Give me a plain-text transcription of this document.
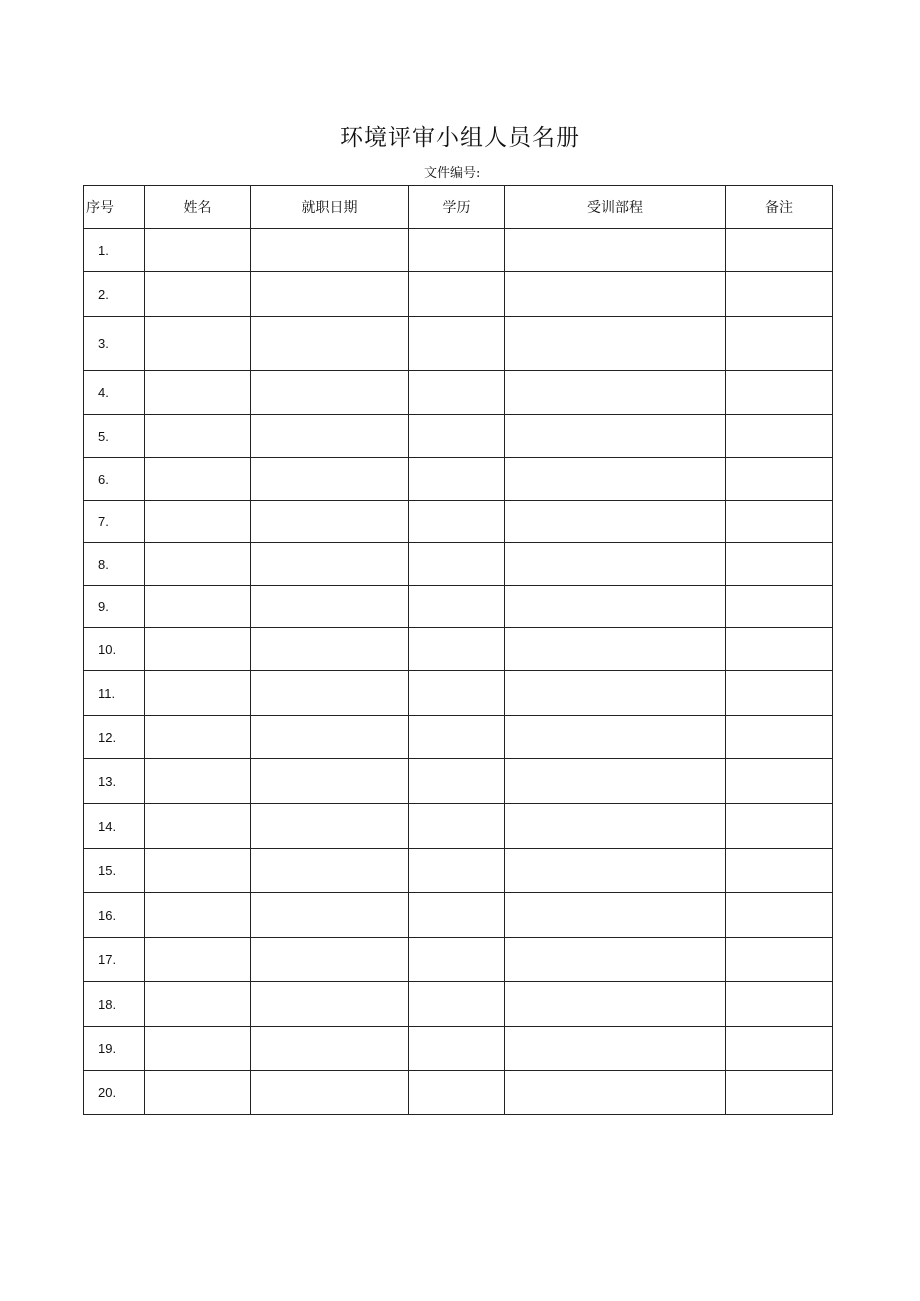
环境评审小组人员名册
文件编号:
序号	姓名	就职日期	学历	受训部程	备注
1.					
2.					
3.					
4.					
5.					
6.					
7.					
8.					
9.					
10.					
11.					
12.					
13.					
14.					
15.					
16.					
17.					
18.					
19.					
20.					
